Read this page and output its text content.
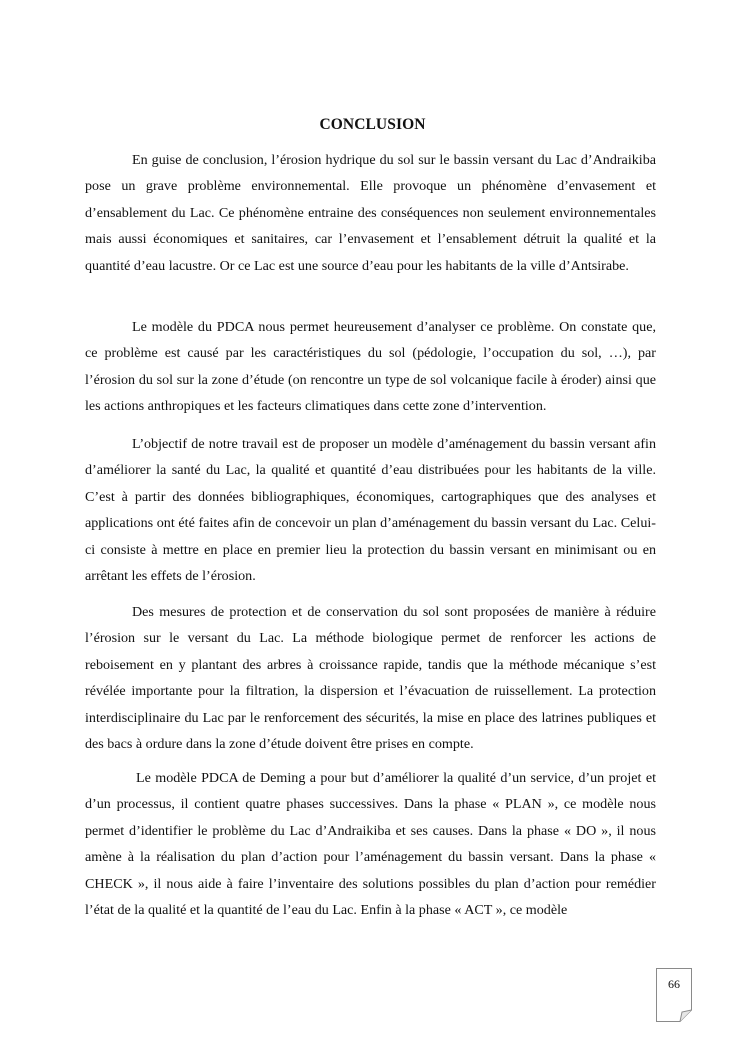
CONCLUSION

En guise de conclusion, l’érosion hydrique du sol sur le bassin versant du Lac d’Andraikiba pose un grave problème environnemental. Elle provoque un phénomène d’envasement et d’ensablement du Lac. Ce phénomène entraine des conséquences non seulement environnementales mais aussi économiques et sanitaires, car l’envasement et l’ensablement détruit la qualité et la quantité d’eau lacustre. Or ce Lac est une source d’eau pour les habitants de la ville d’Antsirabe.

Le modèle du PDCA nous permet heureusement d’analyser ce problème. On constate que, ce problème est causé par les caractéristiques du sol (pédologie, l’occupation du sol, …), par l’érosion du sol sur la zone d’étude (on rencontre un type de sol volcanique facile à éroder) ainsi que les actions anthropiques et les facteurs climatiques dans cette zone d’intervention.

L’objectif de notre travail est de proposer un modèle d’aménagement du bassin versant afin d’améliorer la santé du Lac, la qualité et quantité d’eau distribuées pour les habitants de la ville. C’est à partir des données bibliographiques, économiques, cartographiques que des analyses et applications ont été faites afin de concevoir un plan d’aménagement du bassin versant du Lac. Celui-ci consiste à mettre en place en premier lieu la protection du bassin versant en minimisant ou en arrêtant les effets de l’érosion.

Des mesures de protection et de conservation du sol sont proposées de manière à réduire l’érosion sur le versant du Lac. La méthode biologique permet de renforcer les actions de reboisement en y plantant des arbres à croissance rapide, tandis que la méthode mécanique s’est révélée importante pour la filtration, la dispersion et l’évacuation de ruissellement. La protection interdisciplinaire du Lac par le renforcement des sécurités, la mise en place des latrines publiques et des bacs à ordure dans la zone d’étude doivent être prises en compte.

Le modèle PDCA de Deming a pour but d’améliorer la qualité d’un service, d’un projet et d’un processus, il contient quatre phases successives. Dans la phase « PLAN », ce modèle nous permet d’identifier le problème du Lac d’Andraikiba et ses causes. Dans la phase « DO », il nous amène à la réalisation du plan d’action pour l’aménagement du bassin versant. Dans la phase « CHECK », il nous aide à faire l’inventaire des solutions possibles du plan d’action pour remédier l’état de la qualité et la quantité de l’eau du Lac. Enfin à la phase « ACT », ce modèle

66
